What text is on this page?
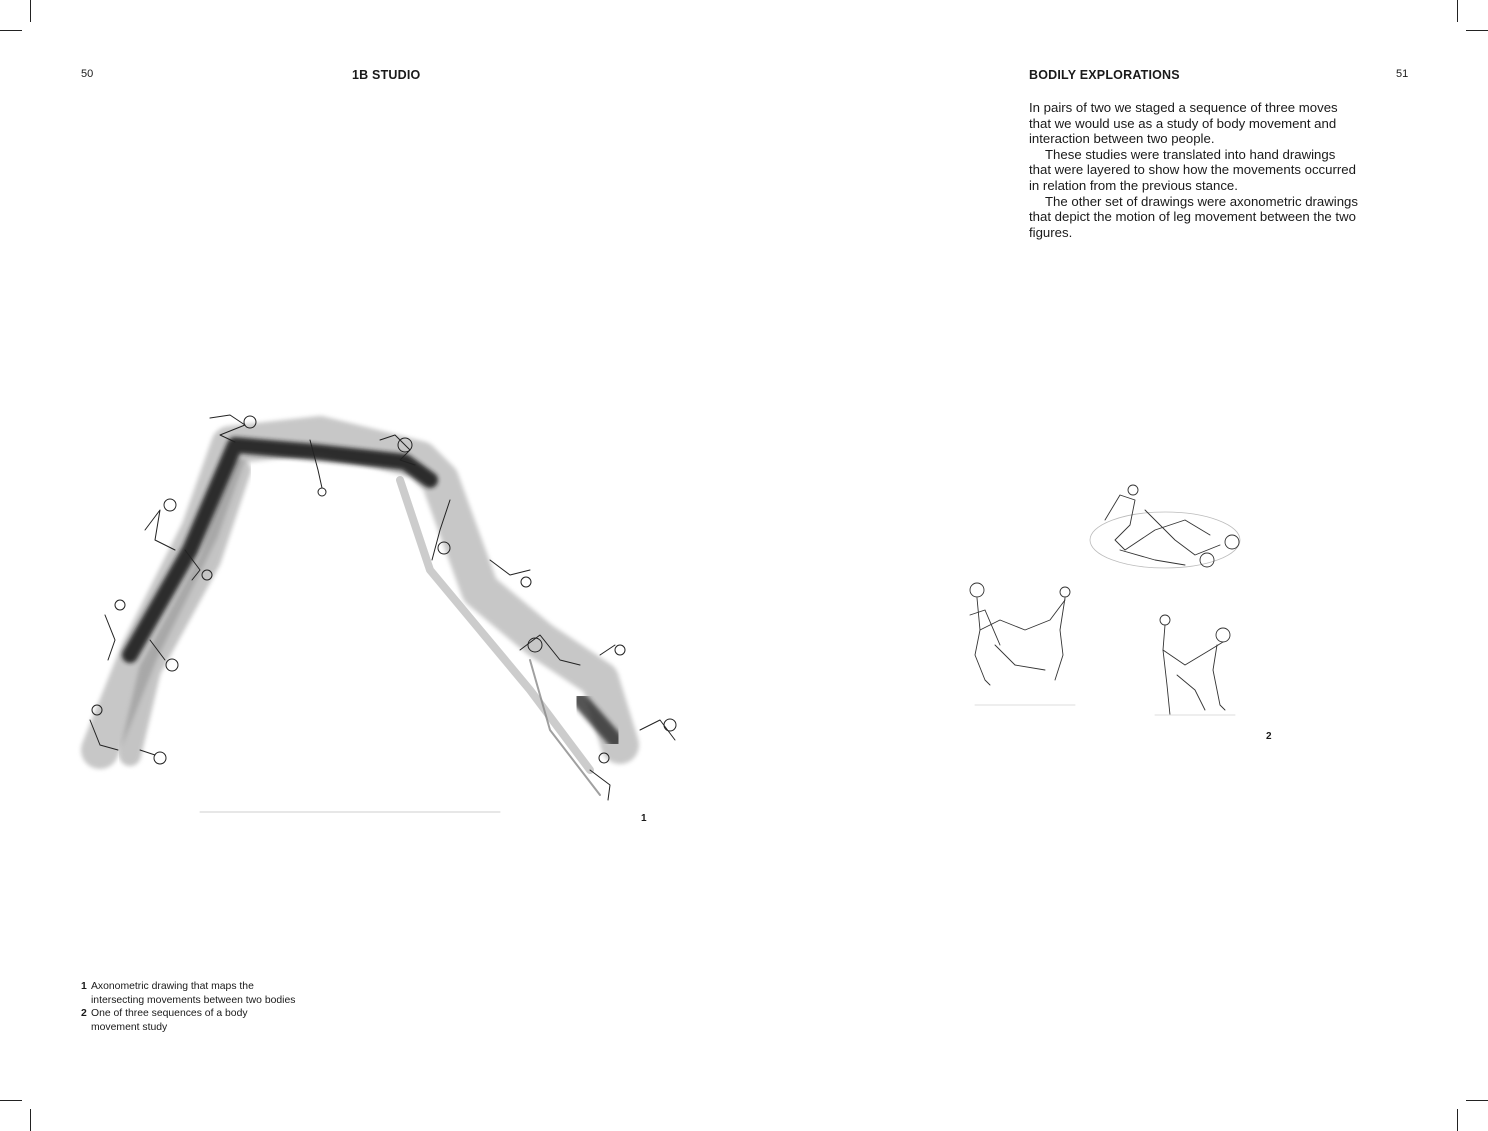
50	1B STUDIO	BODILY EXPLORATIONS	51

In pairs of two we staged a sequence of three moves that we would use as a study of body movement and interaction between two people.

These studies were translated into hand drawings that were layered to show how the movements occurred in relation from the previous stance.

The other set of drawings were axonometric drawings that depict the motion of leg movement between the two figures.

1
2
1 Axonometric drawing that maps the intersecting movements between two bodies
2 One of three sequences of a body movement study
